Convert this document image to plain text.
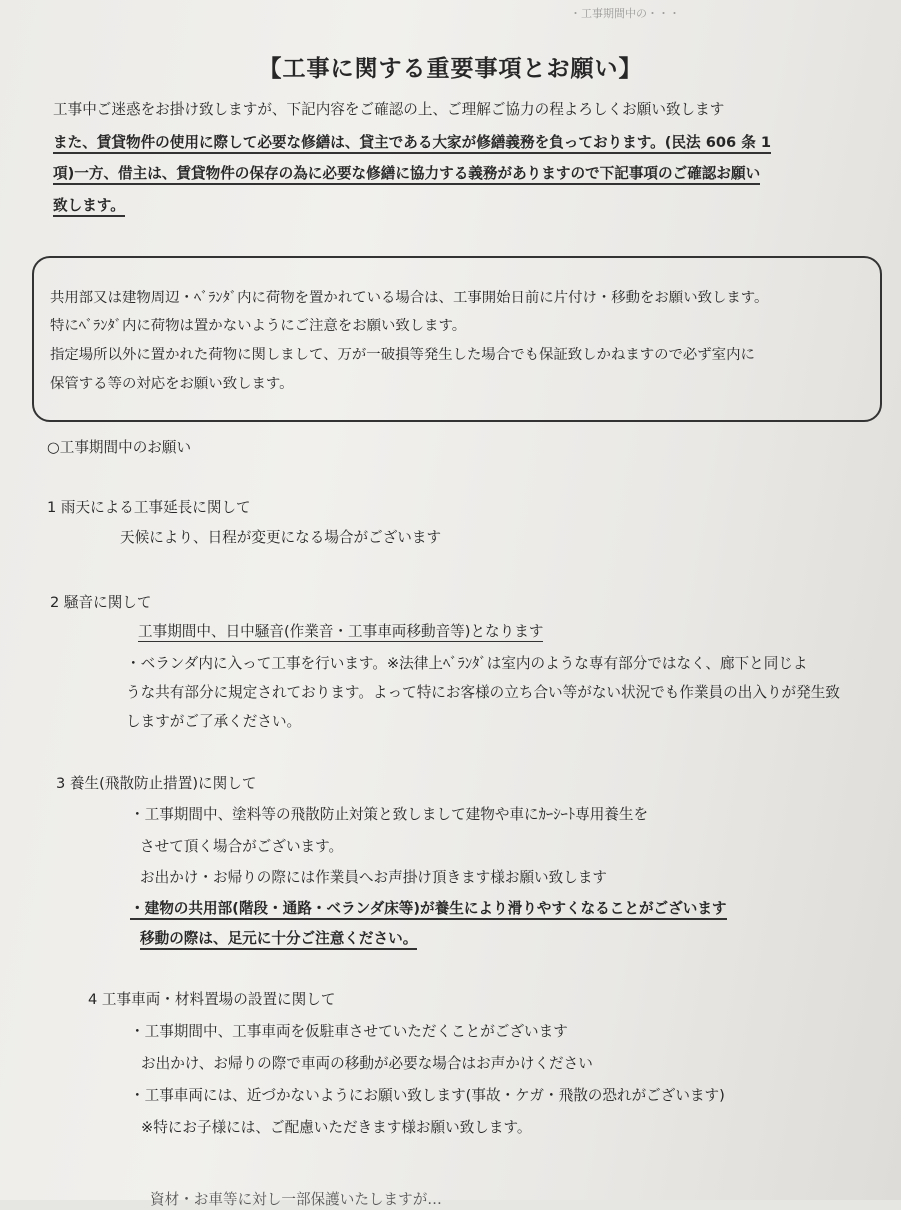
・工事期間中の・・・
【工事に関する重要事項とお願い】
工事中ご迷惑をお掛け致しますが、下記内容をご確認の上、ご理解ご協力の程よろしくお願い致します
また、賃貸物件の使用に際して必要な修繕は、貸主である大家が修繕義務を負っております。(民法 606 条 1
項)一方、借主は、賃貸物件の保存の為に必要な修繕に協力する義務がありますので下記事項のご確認お願い
致します。
共用部又は建物周辺・ﾍﾞﾗﾝﾀﾞ内に荷物を置かれている場合は、工事開始日前に片付け・移動をお願い致します。
特にﾍﾞﾗﾝﾀﾞ内に荷物は置かないようにご注意をお願い致します。
指定場所以外に置かれた荷物に関しまして、万が一破損等発生した場合でも保証致しかねますので必ず室内に
保管する等の対応をお願い致します。
○工事期間中のお願い
1 雨天による工事延長に関して
天候により、日程が変更になる場合がございます
2 騒音に関して
工事期間中、日中騒音(作業音・工事車両移動音等)となります
・ベランダ内に入って工事を行います。※法律上ﾍﾞﾗﾝﾀﾞは室内のような専有部分ではなく、廊下と同じよ
うな共有部分に規定されております。よって特にお客様の立ち合い等がない状況でも作業員の出入りが発生致
しますがご了承ください。
3 養生(飛散防止措置)に関して
・工事期間中、塗料等の飛散防止対策と致しまして建物や車にｶｰｼｰﾄ専用養生を
させて頂く場合がございます。
お出かけ・お帰りの際には作業員へお声掛け頂きます様お願い致します
・建物の共用部(階段・通路・ベランダ床等)が養生により滑りやすくなることがございます
移動の際は、足元に十分ご注意ください。
4 工事車両・材料置場の設置に関して
・工事期間中、工事車両を仮駐車させていただくことがございます
お出かけ、お帰りの際で車両の移動が必要な場合はお声かけください
・工事車両には、近づかないようにお願い致します(事故・ケガ・飛散の恐れがございます)
※特にお子様には、ご配慮いただきます様お願い致します。
資材・お車等に対し一部保護いたしますが…
